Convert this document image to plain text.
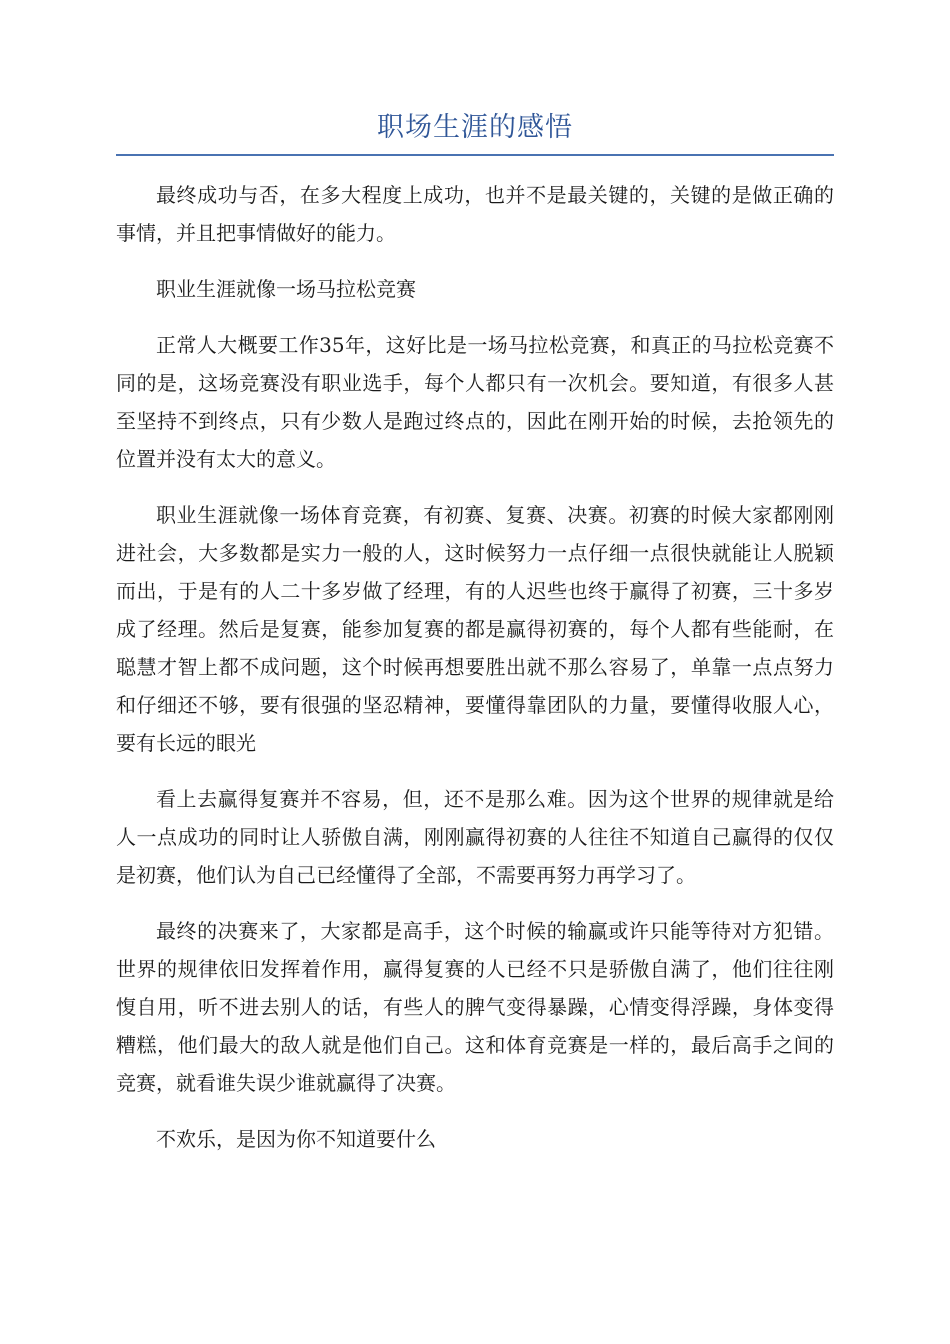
职场生涯的感悟

最终成功与否，在多大程度上成功，也并不是最关键的，关键的是做正确的事情，并且把事情做好的能力。

职业生涯就像一场马拉松竞赛

正常人大概要工作35年，这好比是一场马拉松竞赛，和真正的马拉松竞赛不同的是，这场竞赛没有职业选手，每个人都只有一次机会。要知道，有很多人甚至坚持不到终点，只有少数人是跑过终点的，因此在刚开始的时候，去抢领先的位置并没有太大的意义。

职业生涯就像一场体育竞赛，有初赛、复赛、决赛。初赛的时候大家都刚刚进社会，大多数都是实力一般的人，这时候努力一点仔细一点很快就能让人脱颖而出，于是有的人二十多岁做了经理，有的人迟些也终于赢得了初赛，三十多岁成了经理。然后是复赛，能参加复赛的都是赢得初赛的，每个人都有些能耐，在聪慧才智上都不成问题，这个时候再想要胜出就不那么容易了，单靠一点点努力和仔细还不够，要有很强的坚忍精神，要懂得靠团队的力量，要懂得收服人心，要有长远的眼光

看上去赢得复赛并不容易，但，还不是那么难。因为这个世界的规律就是给人一点成功的同时让人骄傲自满，刚刚赢得初赛的人往往不知道自己赢得的仅仅是初赛，他们认为自己已经懂得了全部，不需要再努力再学习了。

最终的决赛来了，大家都是高手，这个时候的输赢或许只能等待对方犯错。世界的规律依旧发挥着作用，赢得复赛的人已经不只是骄傲自满了，他们往往刚愎自用，听不进去别人的话，有些人的脾气变得暴躁，心情变得浮躁，身体变得糟糕，他们最大的敌人就是他们自己。这和体育竞赛是一样的，最后高手之间的竞赛，就看谁失误少谁就赢得了决赛。

不欢乐，是因为你不知道要什么
